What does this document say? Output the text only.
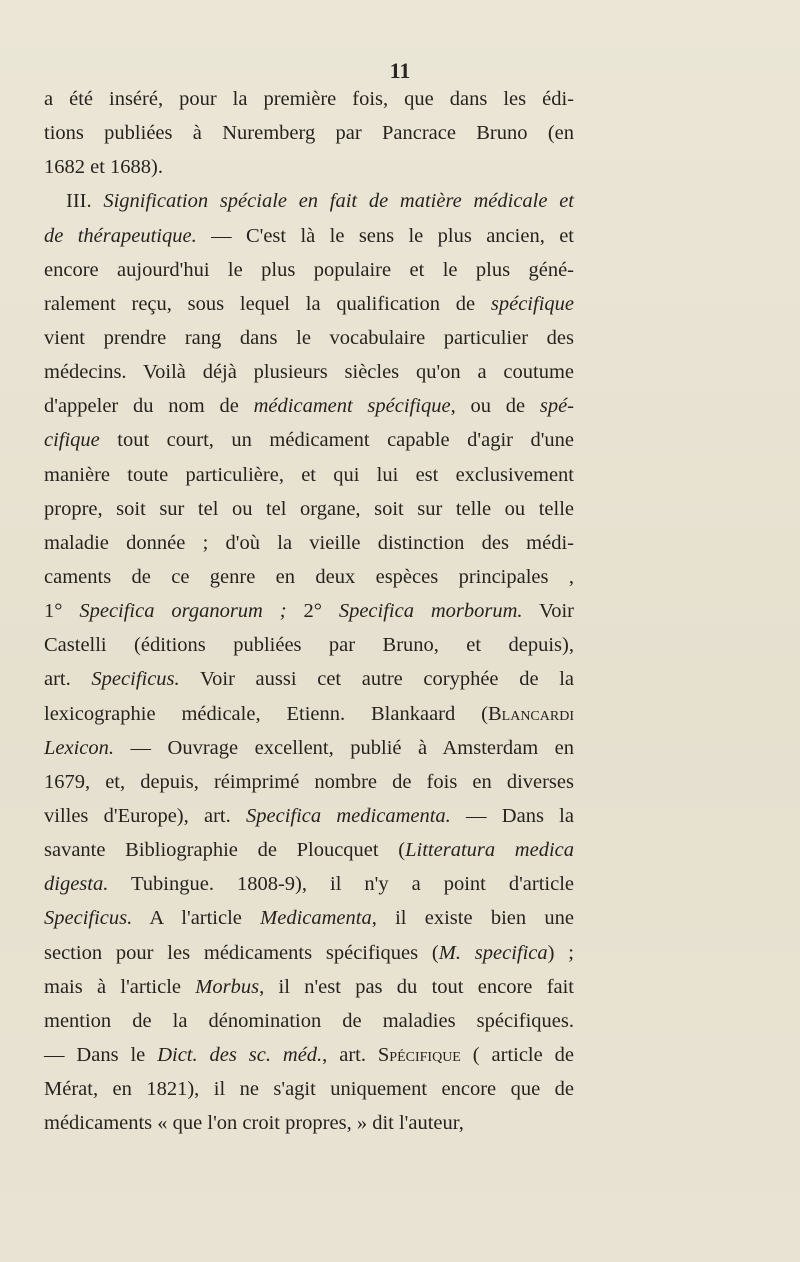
11
a été inséré, pour la première fois, que dans les édi-
tions publiées à Nuremberg par Pancrace Bruno (en
1682 et 1688).
III. Signification spéciale en fait de matière médicale et
de thérapeutique. — C'est là le sens le plus ancien, et
encore aujourd'hui le plus populaire et le plus géné-
ralement reçu, sous lequel la qualification de spécifique
vient prendre rang dans le vocabulaire particulier des
médecins. Voilà déjà plusieurs siècles qu'on a coutume
d'appeler du nom de médicament spécifique, ou de spé-
cifique tout court, un médicament capable d'agir d'une
manière toute particulière, et qui lui est exclusivement
propre, soit sur tel ou tel organe, soit sur telle ou telle
maladie donnée ; d'où la vieille distinction des médi-
caments de ce genre en deux espèces principales ,
1° Specifica organorum ; 2° Specifica morborum. Voir
Castelli (éditions publiées par Bruno, et depuis),
art. Specificus. Voir aussi cet autre coryphée de la
lexicographie médicale, Etienn. Blankaard (Blancardi
Lexicon. — Ouvrage excellent, publié à Amsterdam en
1679, et, depuis, réimprimé nombre de fois en diverses
villes d'Europe), art. Specifica medicamenta. — Dans la
savante Bibliographie de Ploucquet (Litteratura medica
digesta. Tubingue. 1808-9), il n'y a point d'article
Specificus. A l'article Medicamenta, il existe bien une
section pour les médicaments spécifiques (M. specifica) ;
mais à l'article Morbus, il n'est pas du tout encore fait
mention de la dénomination de maladies spécifiques.
— Dans le Dict. des sc. méd., art. Spécifique ( article de
Mérat, en 1821), il ne s'agit uniquement encore que de
médicaments « que l'on croit propres, » dit l'auteur,
